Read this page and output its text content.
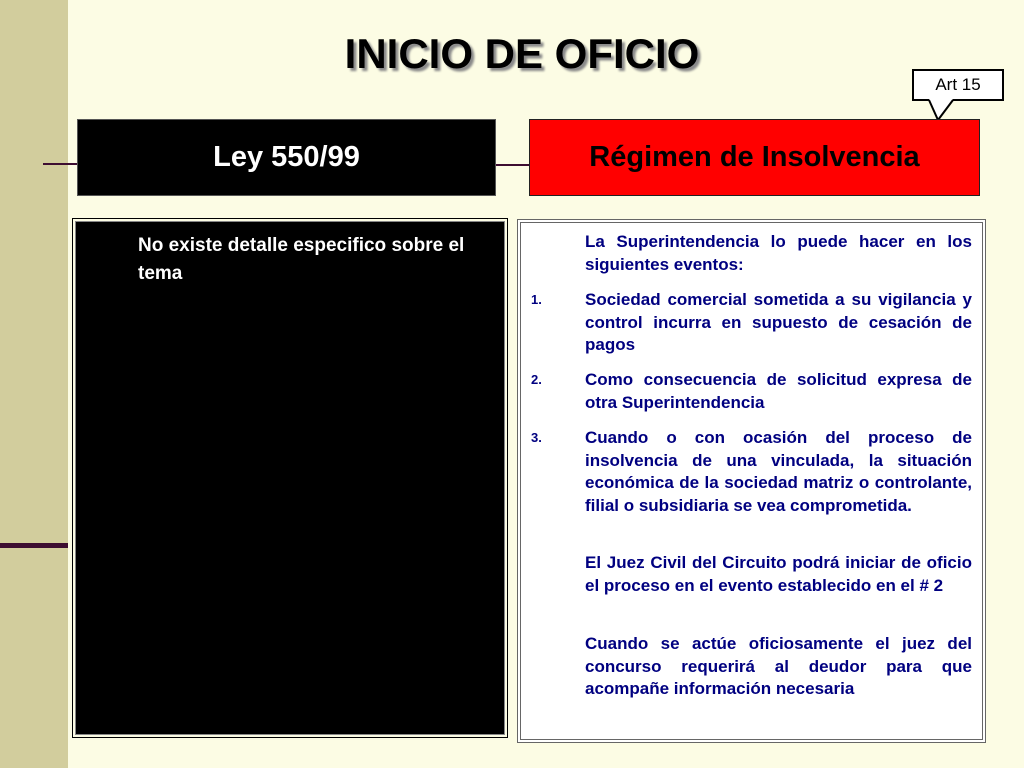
INICIO DE OFICIO
Art 15
Ley 550/99	Régimen de Insolvencia
No existe detalle especifico sobre el tema
La Superintendencia lo puede hacer en los siguientes eventos:
1.	Sociedad comercial sometida a su vigilancia y control incurra en supuesto de cesación de pagos
2.	Como consecuencia de solicitud expresa de otra Superintendencia
3.	Cuando o con ocasión del proceso de insolvencia de una vinculada, la situación económica de la sociedad matriz o controlante, filial o subsidiaria se vea comprometida.
El Juez Civil del Circuito podrá iniciar de oficio el proceso en el evento establecido en el # 2
Cuando se actúe oficiosamente el juez del concurso requerirá al deudor para que acompañe información necesaria
